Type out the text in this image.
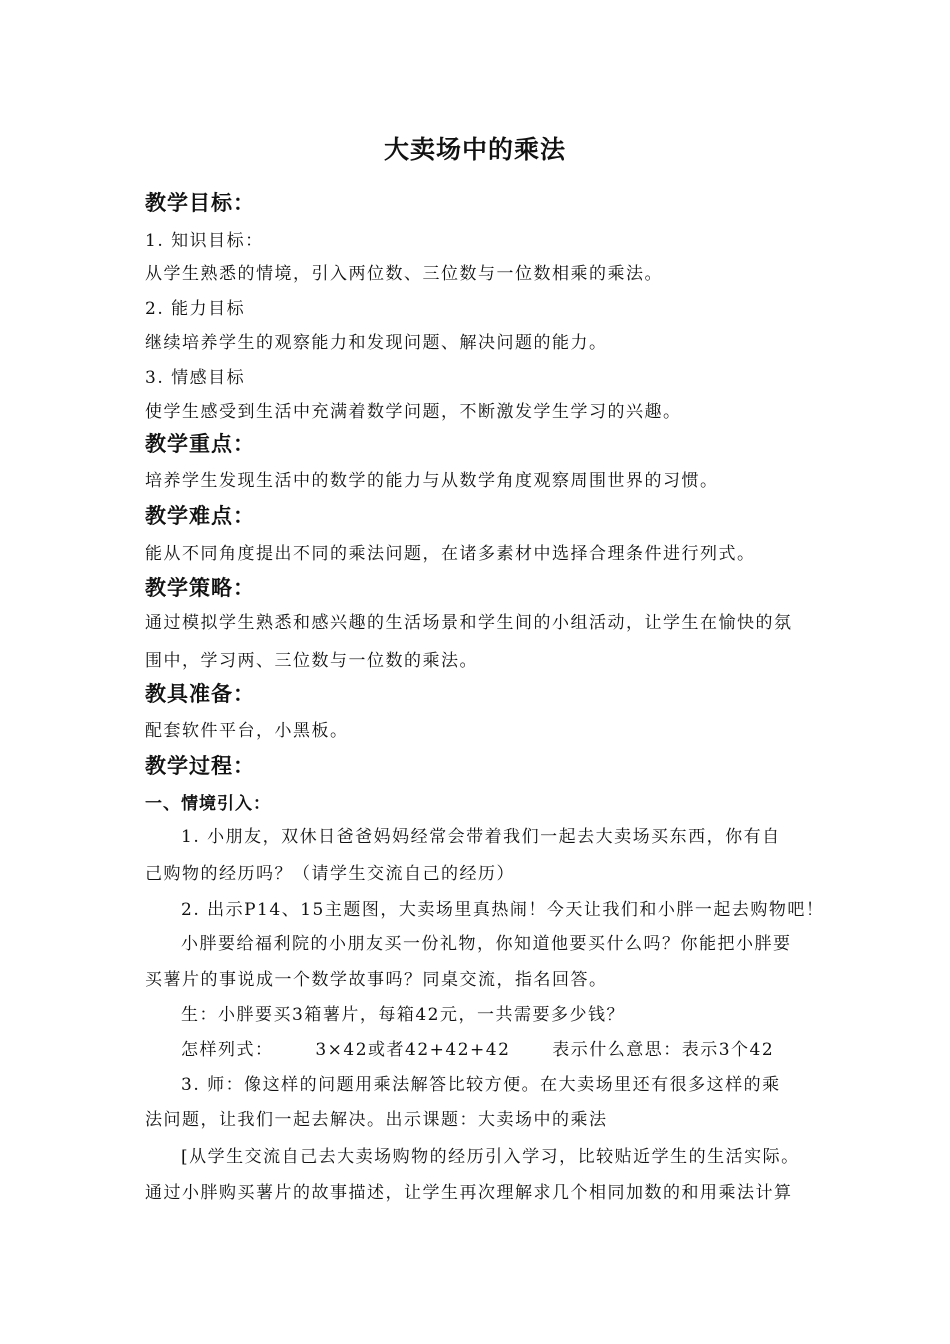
大卖场中的乘法
教学目标：
1. 知识目标：
从学生熟悉的情境，引入两位数、三位数与一位数相乘的乘法。
2. 能力目标
继续培养学生的观察能力和发现问题、解决问题的能力。
3. 情感目标
使学生感受到生活中充满着数学问题，不断激发学生学习的兴趣。
教学重点：
培养学生发现生活中的数学的能力与从数学角度观察周围世界的习惯。
教学难点：
能从不同角度提出不同的乘法问题，在诸多素材中选择合理条件进行列式。
教学策略：
通过模拟学生熟悉和感兴趣的生活场景和学生间的小组活动，让学生在愉快的氛
围中，学习两、三位数与一位数的乘法。
教具准备：
配套软件平台，小黑板。
教学过程：
一、情境引入：
1. 小朋友，双休日爸爸妈妈经常会带着我们一起去大卖场买东西，你有自
己购物的经历吗？（请学生交流自己的经历）
2. 出示P14、15主题图，大卖场里真热闹！今天让我们和小胖一起去购物吧！
小胖要给福利院的小朋友买一份礼物，你知道他要买什么吗？你能把小胖要
买薯片的事说成一个数学故事吗？同桌交流，指名回答。
生：小胖要买3箱薯片，每箱42元，一共需要多少钱？
怎样列式： 3×42或者42+42+42 表示什么意思：表示3个42
3. 师：像这样的问题用乘法解答比较方便。在大卖场里还有很多这样的乘
法问题，让我们一起去解决。出示课题：大卖场中的乘法
[从学生交流自己去大卖场购物的经历引入学习，比较贴近学生的生活实际。
通过小胖购买薯片的故事描述，让学生再次理解求几个相同加数的和用乘法计算
